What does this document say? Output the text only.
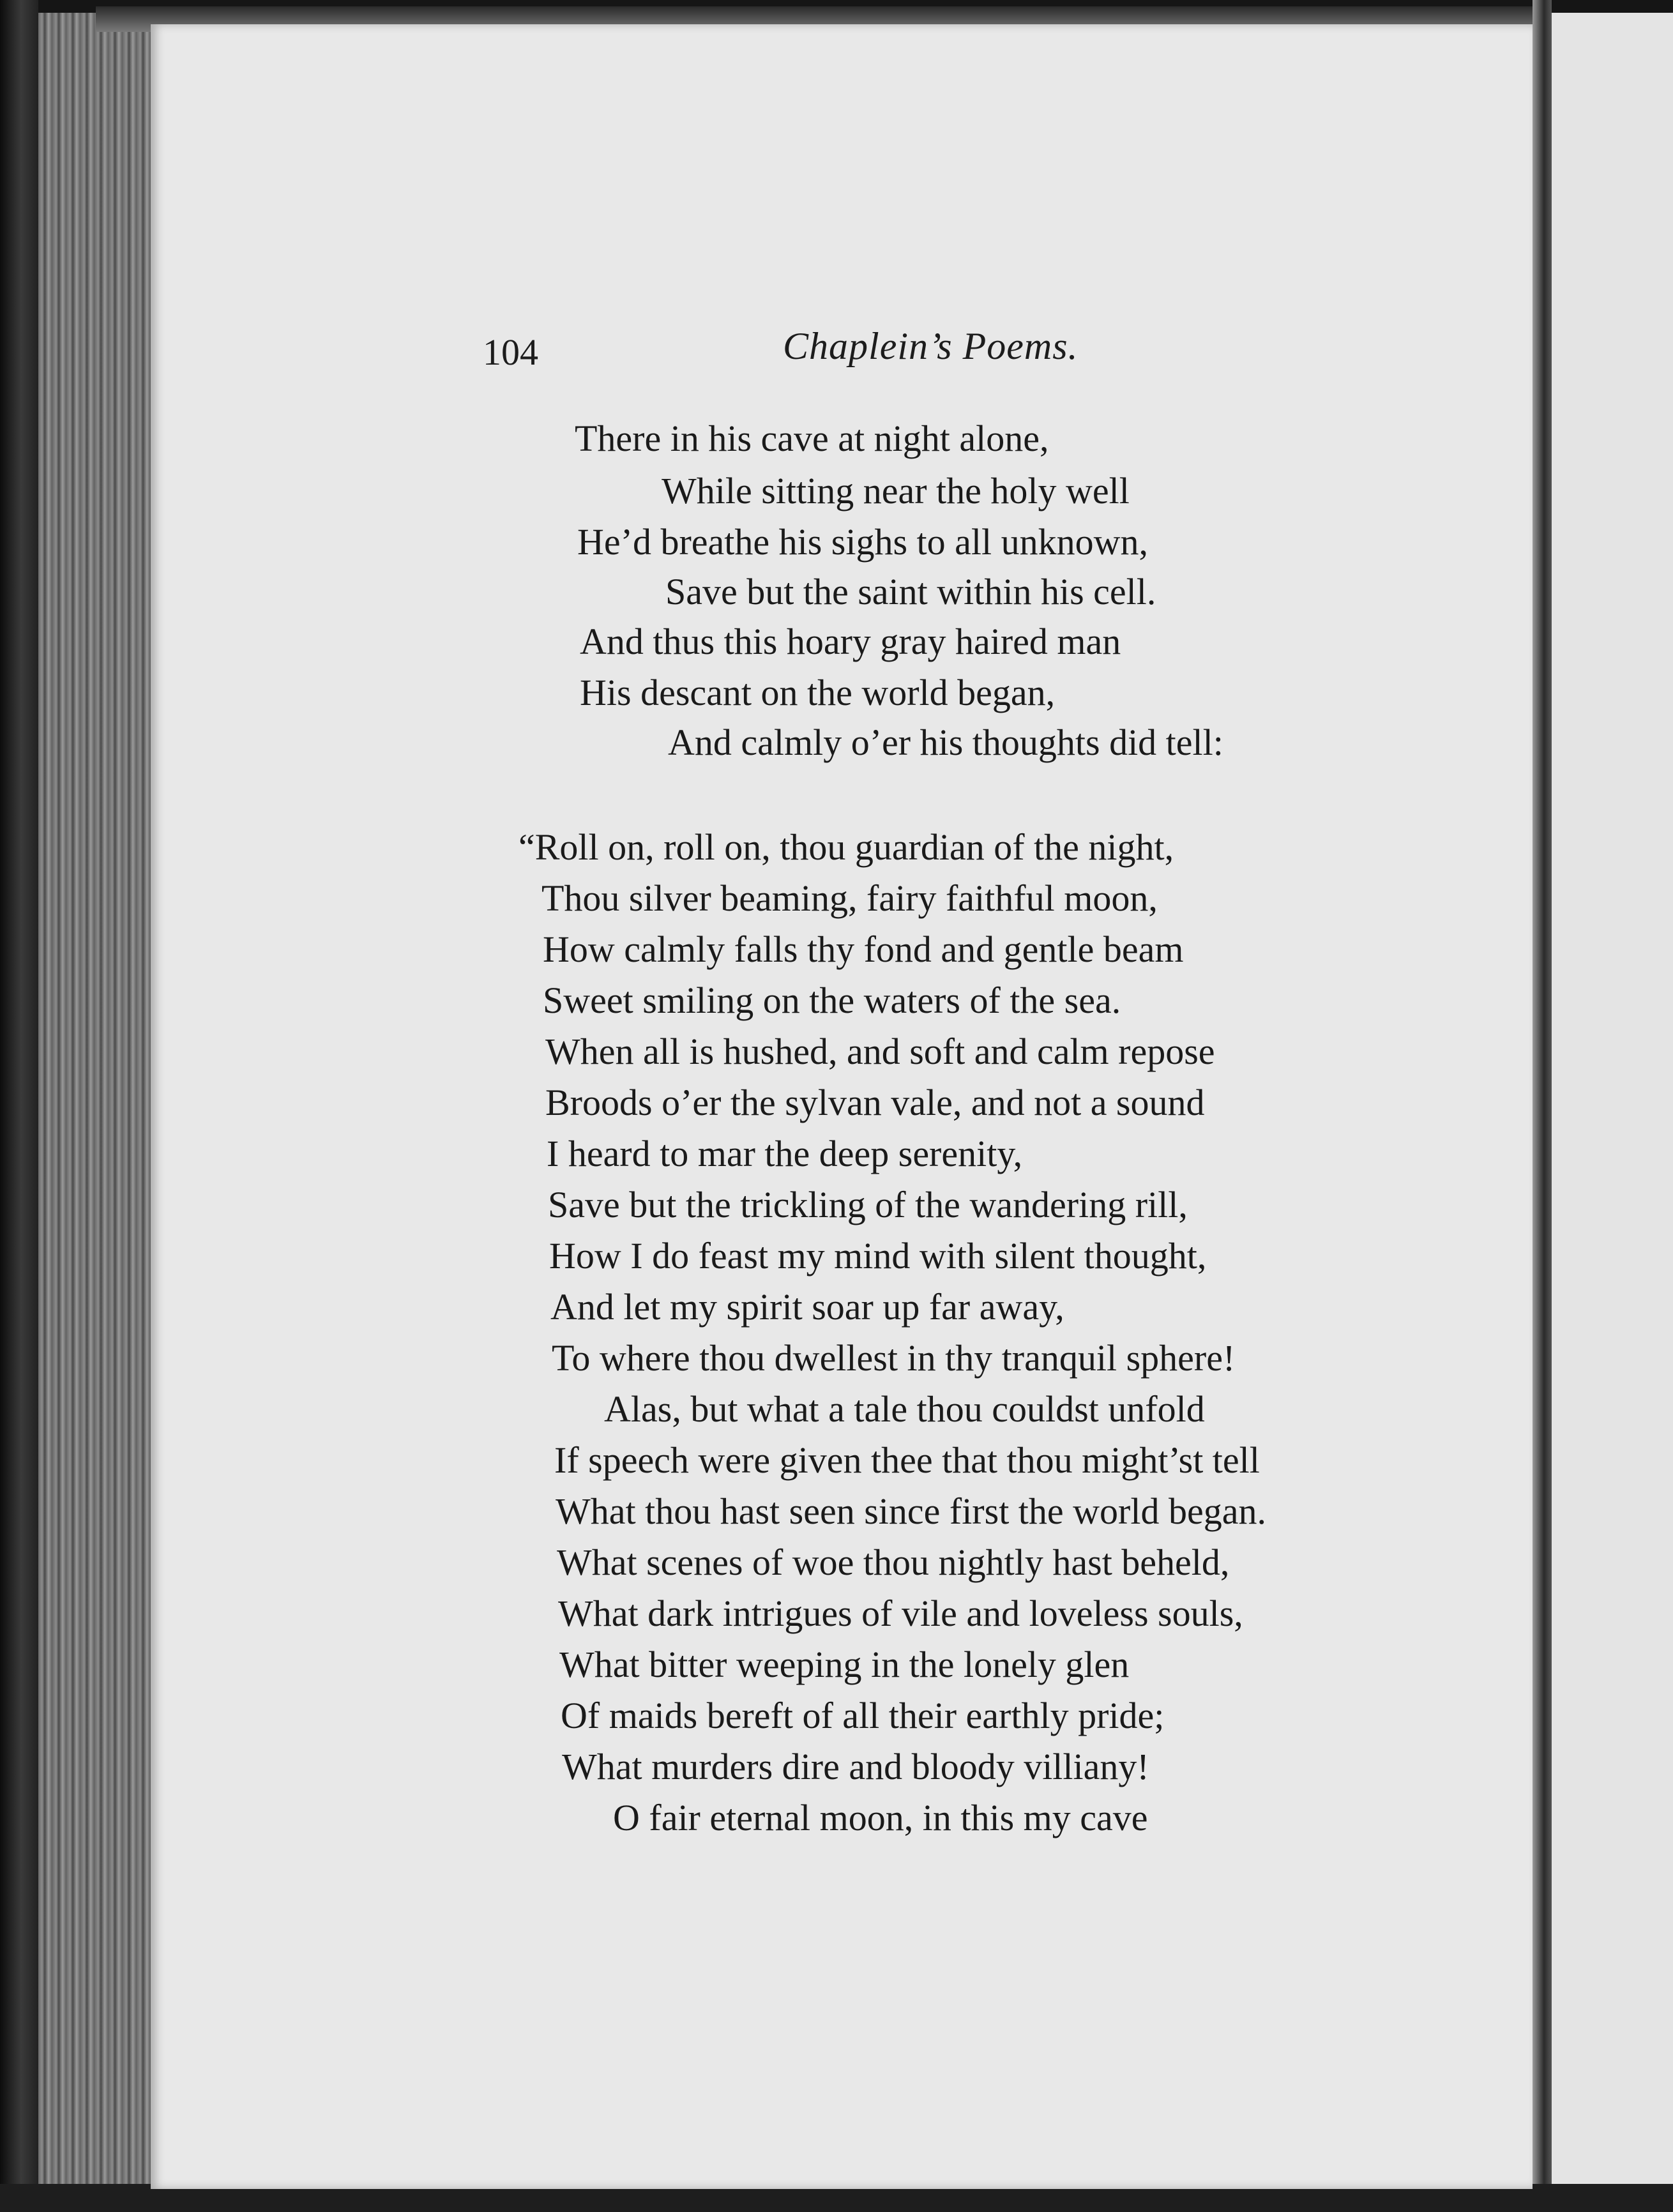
104	Chaplein’s Poems.
There in his cave at night alone,
While sitting near the holy well
He’d breathe his sighs to all unknown,
Save but the saint within his cell.
And thus this hoary gray haired man
His descant on the world began,
And calmly o’er his thoughts did tell:
“Roll on, roll on, thou guardian of the night,
Thou silver beaming, fairy faithful moon,
How calmly falls thy fond and gentle beam
Sweet smiling on the waters of the sea.
When all is hushed, and soft and calm repose
Broods o’er the sylvan vale, and not a sound
I heard to mar the deep serenity,
Save but the trickling of the wandering rill,
How I do feast my mind with silent thought,
And let my spirit soar up far away,
To where thou dwellest in thy tranquil sphere!
Alas, but what a tale thou couldst unfold
If speech were given thee that thou might’st tell
What thou hast seen since first the world began.
What scenes of woe thou nightly hast beheld,
What dark intrigues of vile and loveless souls,
What bitter weeping in the lonely glen
Of maids bereft of all their earthly pride;
What murders dire and bloody villiany!
O fair eternal moon, in this my cave
